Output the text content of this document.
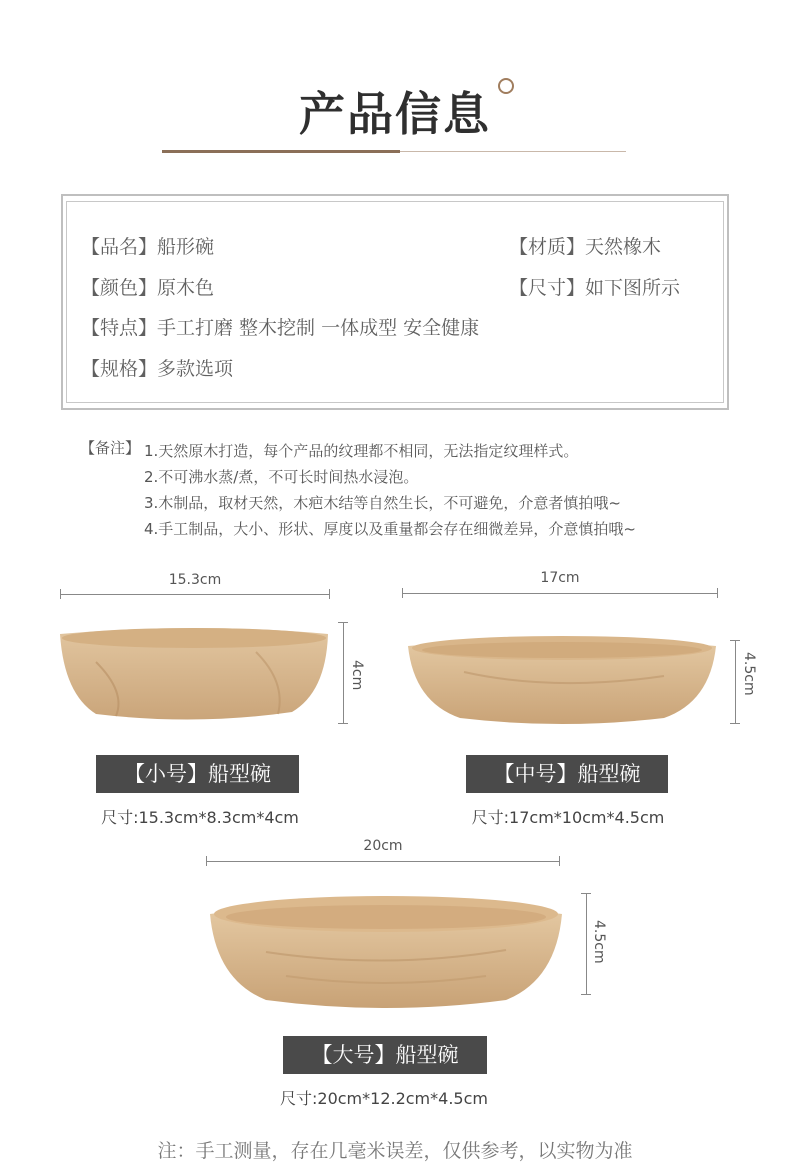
产品信息
【品名】船形碗	【材质】天然橡木
【颜色】原木色	【尺寸】如下图所示
【特点】手工打磨 整木挖制 一体成型 安全健康
【规格】多款选项
【备注】 1.天然原木打造，每个产品的纹理都不相同，无法指定纹理样式。
2.不可沸水蒸/煮，不可长时间热水浸泡。
3.木制品，取材天然，木疤木结等自然生长，不可避免，介意者慎拍哦~
4.手工制品，大小、形状、厚度以及重量都会存在细微差异，介意慎拍哦~
15.3cm
4cm
【小号】船型碗
尺寸:15.3cm*8.3cm*4cm
17cm
4.5cm
【中号】船型碗
尺寸:17cm*10cm*4.5cm
20cm
4.5cm
【大号】船型碗
尺寸:20cm*12.2cm*4.5cm
注：手工测量，存在几毫米误差，仅供参考，以实物为准
